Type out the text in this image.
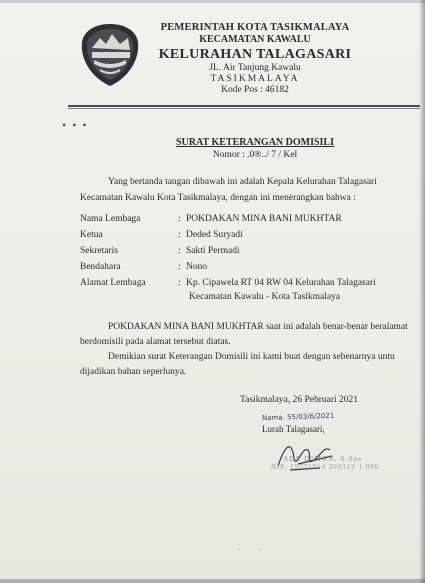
PEMERINTAH KOTA TASIKMALAYA
KECAMATAN KAWALU
KELURAHAN TALAGASARI
JL. Air Tanjung Kawalu
TASIKMALAYA
Kode Pos : 46182
•••
SURAT KETERANGAN DOMISILI
Nomor : .0®../ 7 / Kel
Yang bertanda tangan dibawah ini adalah Kepala Kelurahan Talagasari
Kecamatan Kawalu Kota Tasikmalaya, dengan ini menerangkan bahwa :
Nama Lembaga	: POKDAKAN MINA BANI MUKHTAR
Ketua	: Deded Suryadi
Sekretaris	: Sakti Permadi
Bendahara	: Nono
Alamat Lembaga	: Kp. Cipawela RT 04 RW 04 Kelurahan Talagasari
Kecamatan Kawalu - Kota Tasikmalaya
POKDAKAN MINA BANI MUKHTAR saat ini adalah benar-benar beralamat
berdomisili pada alamat tersebut diatas.
Demikian surat Keterangan Domisili ini kami buat dengan sebenarnya untu
dijadikan bahan seperlunya.
Tasikmalaya, 26 Pebruari 2021
Nama. 55/03/6/2021
Lurah Talagasari,
ADE DIMAN, S.Sos
NIP. 19771014 200312 1 006
· ·
